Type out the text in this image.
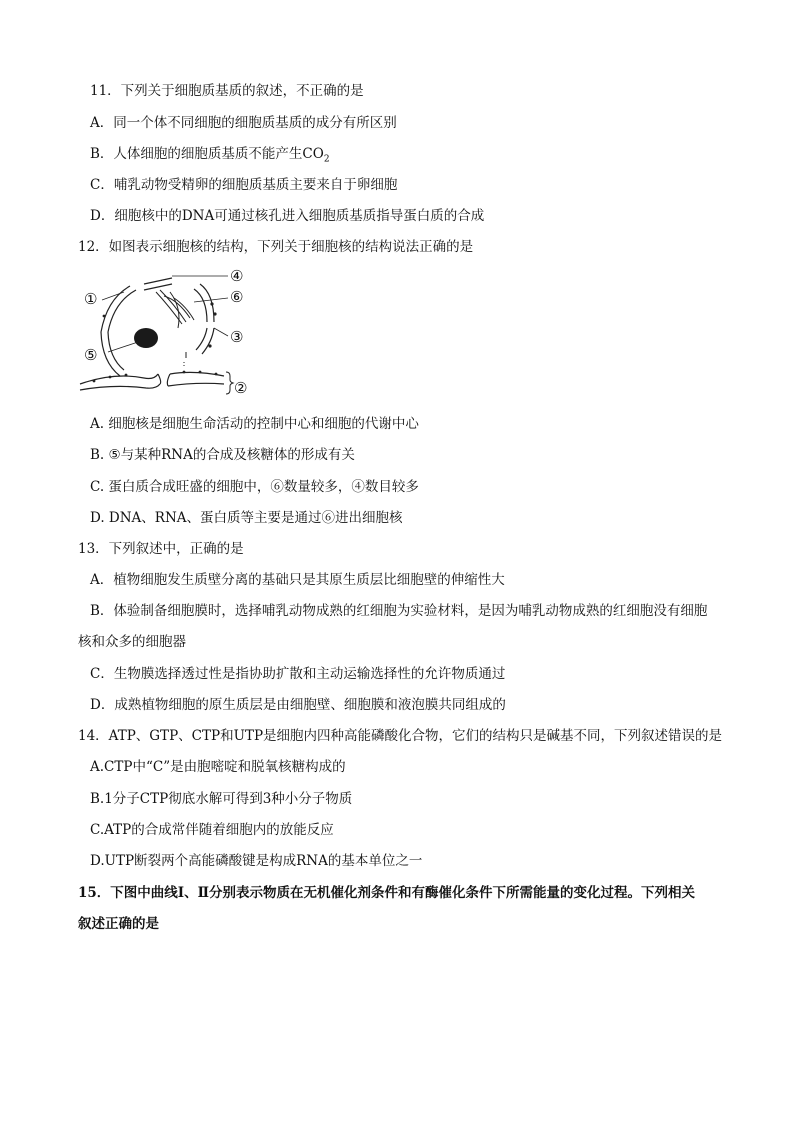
11．下列关于细胞质基质的叙述，不正确的是
A．同一个体不同细胞的细胞质基质的成分有所区别
B．人体细胞的细胞质基质不能产生$CO_2$
C．哺乳动物受精卵的细胞质基质主要来自于卵细胞
D．细胞核中的DNA可通过核孔进入细胞质基质指导蛋白质的合成
12．如图表示细胞核的结构，下列关于细胞核的结构说法正确的是
①
②
③
④
⑤
⑥
A. 细胞核是细胞生命活动的控制中心和细胞的代谢中心
B. ⑤与某种RNA的合成及核糖体的形成有关
C. 蛋白质合成旺盛的细胞中，⑥数量较多，④数目较多
D. DNA、RNA、蛋白质等主要是通过⑥进出细胞核
13．下列叙述中，正确的是
A．植物细胞发生质壁分离的基础只是其原生质层比细胞壁的伸缩性大
B．体验制备细胞膜时，选择哺乳动物成熟的红细胞为实验材料，是因为哺乳动物成熟的红细胞没有细胞
核和众多的细胞器
C．生物膜选择透过性是指协助扩散和主动运输选择性的允许物质通过
D．成熟植物细胞的原生质层是由细胞壁、细胞膜和液泡膜共同组成的
14．ATP、GTP、CTP和UTP是细胞内四种高能磷酸化合物，它们的结构只是碱基不同，下列叙述错误的是
A.CTP中“C”是由胞嘧啶和脱氧核糖构成的
B.1分子CTP彻底水解可得到3种小分子物质
C.ATP的合成常伴随着细胞内的放能反应
D.UTP断裂两个高能磷酸键是构成RNA的基本单位之一
15．下图中曲线Ⅰ、Ⅱ分别表示物质在无机催化剂条件和有酶催化条件下所需能量的变化过程。下列相关
叙述正确的是
